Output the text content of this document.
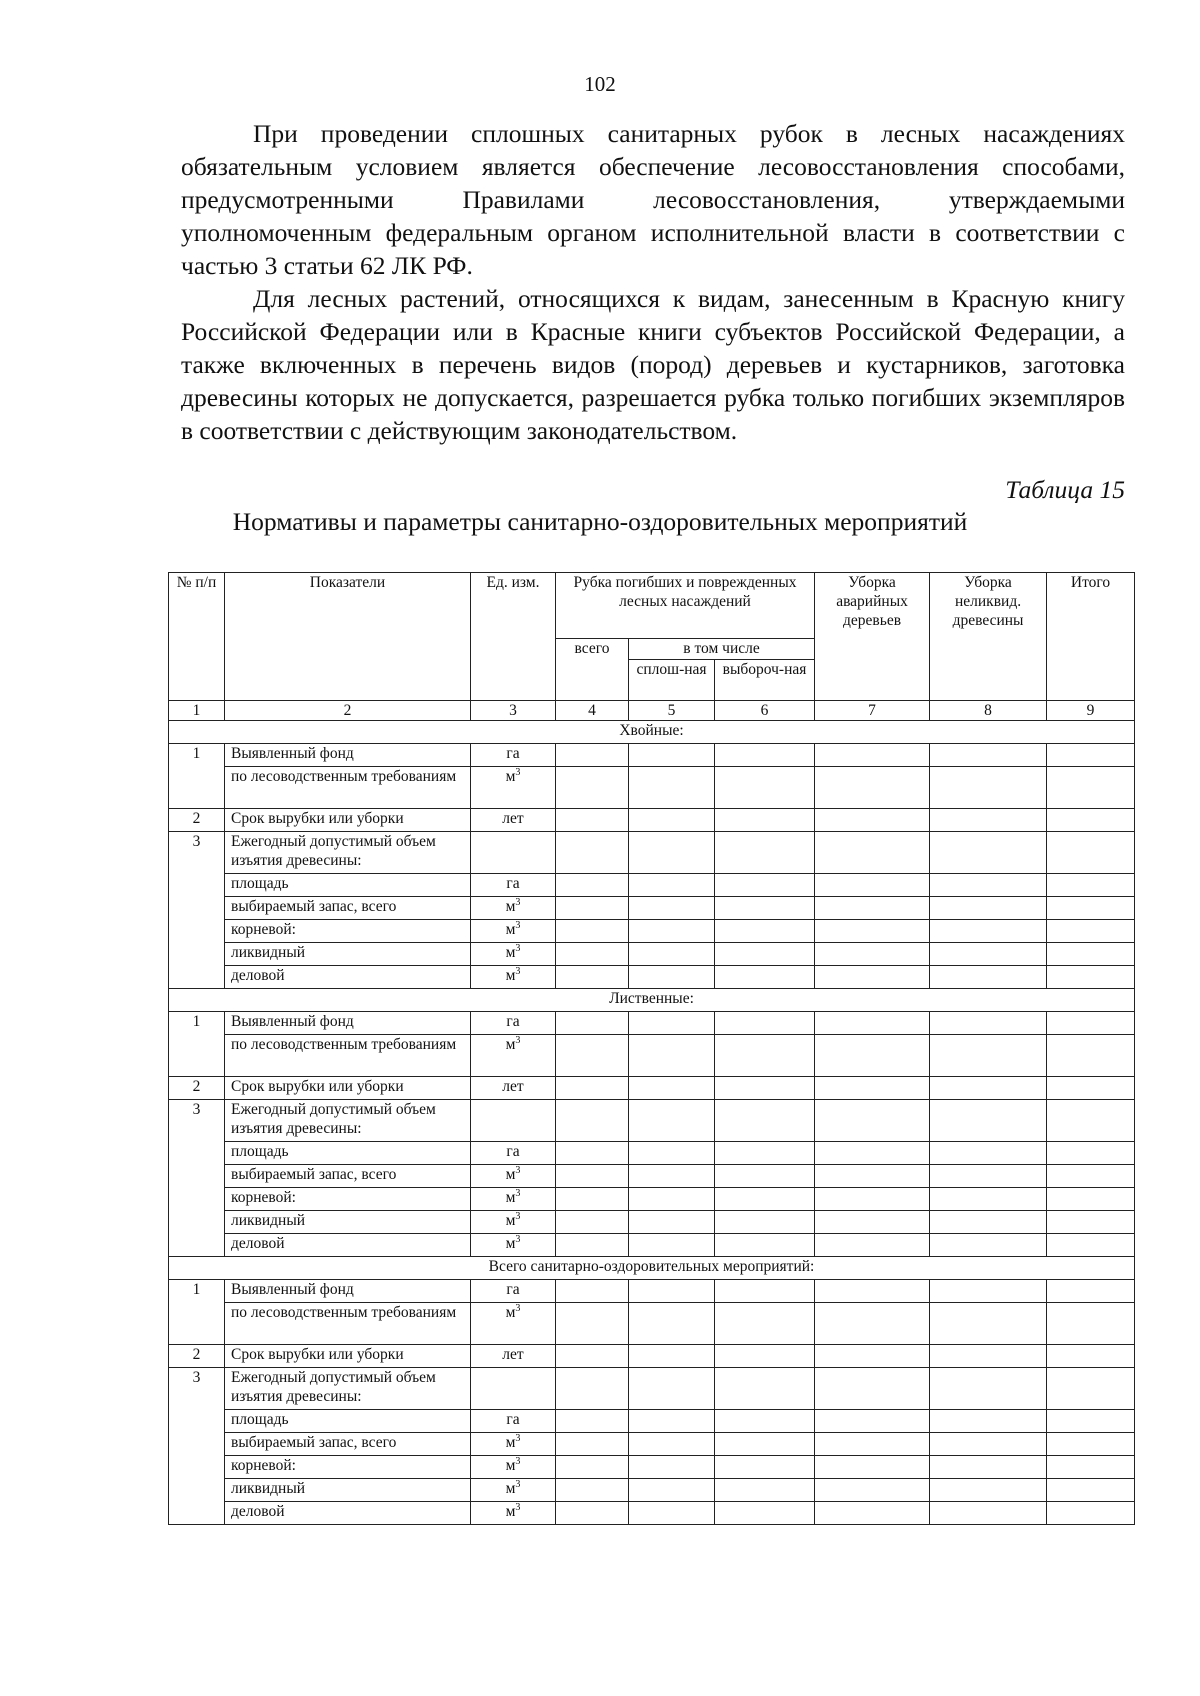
102

При проведении сплошных санитарных рубок в лесных насаждениях обязательным условием является обеспечение лесовосстановления способами, предусмотренными Правилами лесовосстановления, утверждаемыми уполномоченным федеральным органом исполнительной власти в соответствии с частью 3 статьи 62 ЛК РФ.

Для лесных растений, относящихся к видам, занесенным в Красную книгу Российской Федерации или в Красные книги субъектов Российской Федерации, а также включенных в перечень видов (пород) деревьев и кустарников, заготовка древесины которых не допускается, разрешается рубка только погибших экземпляров в соответствии с действующим законодательством.

Таблица 15
Нормативы и параметры санитарно-оздоровительных мероприятий
№ п/п	Показатели	Ед. изм.	Рубка погибших и поврежденных лесных насаждений			Уборка аварийных деревьев	Уборка неликвид. древесины	Итого
			всего	в том числе				
				сплош-ная	выбороч-ная			
1	2	3	4	5	6	7	8	9
Хвойные:								
1	Выявленный фонд	га						
	по лесоводственным требованиям	$м^3$						
2	Срок вырубки или уборки	лет						
3	Ежегодный допустимый объем изъятия древесины:							
	площадь	га						
	выбираемый запас, всего	$м^3$						
	корневой:	$м^3$						
	ликвидный	$м^3$						
	деловой	$м^3$						
Лиственные:								
1	Выявленный фонд	га						
	по лесоводственным требованиям	$м^3$						
2	Срок вырубки или уборки	лет						
3	Ежегодный допустимый объем изъятия древесины:							
	площадь	га						
	выбираемый запас, всего	$м^3$						
	корневой:	$м^3$						
	ликвидный	$м^3$						
	деловой	$м^3$						
Всего санитарно-оздоровительных мероприятий:								
1	Выявленный фонд	га						
	по лесоводственным требованиям	$м^3$						
2	Срок вырубки или уборки	лет						
3	Ежегодный допустимый объем изъятия древесины:							
	площадь	га						
	выбираемый запас, всего	$м^3$						
	корневой:	$м^3$						
	ликвидный	$м^3$						
	деловой	$м^3$						
